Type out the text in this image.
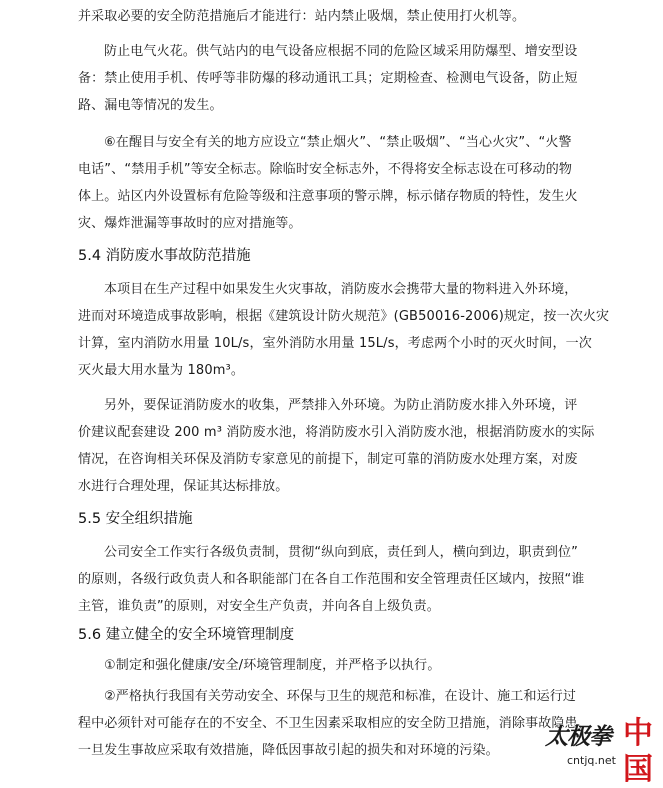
并采取必要的安全防范措施后才能进行：站内禁止吸烟，禁止使用打火机等。
防止电气火花。供气站内的电气设备应根据不同的危险区域采用防爆型、增安型设
备：禁止使用手机、传呼等非防爆的移动通讯工具；定期检查、检测电气设备，防止短
路、漏电等情况的发生。
⑥在醒目与安全有关的地方应设立“禁止烟火”、“禁止吸烟”、“当心火灾”、“火警
电话”、“禁用手机”等安全标志。除临时安全标志外，不得将安全标志设在可移动的物
体上。站区内外设置标有危险等级和注意事项的警示牌，标示储存物质的特性，发生火
灾、爆炸泄漏等事故时的应对措施等。
5.4 消防废水事故防范措施
本项目在生产过程中如果发生火灾事故，消防废水会携带大量的物料进入外环境，
进而对环境造成事故影响，根据《建筑设计防火规范》(GB50016-2006)规定，按一次火灾
计算，室内消防水用量 10L/s，室外消防水用量 15L/s，考虑两个小时的灭火时间，一次
灭火最大用水量为 180m³。
另外，要保证消防废水的收集，严禁排入外环境。为防止消防废水排入外环境，评
价建议配套建设 200 m³ 消防废水池，将消防废水引入消防废水池，根据消防废水的实际
情况，在咨询相关环保及消防专家意见的前提下，制定可靠的消防废水处理方案，对废
水进行合理处理，保证其达标排放。
5.5 安全组织措施
公司安全工作实行各级负责制，贯彻“纵向到底，责任到人，横向到边，职责到位”
的原则，各级行政负责人和各职能部门在各自工作范围和安全管理责任区域内，按照“谁
主管，谁负责”的原则，对安全生产负责，并向各自上级负责。
5.6 建立健全的安全环境管理制度
①制定和强化健康/安全/环境管理制度，并严格予以执行。
②严格执行我国有关劳动安全、环保与卫生的规范和标准，在设计、施工和运行过
程中必须针对可能存在的不安全、不卫生因素采取相应的安全防卫措施，消除事故隐患，
一旦发生事故应采取有效措施，降低因事故引起的损失和对环境的污染。
太极拳 中国
cntjq.net
